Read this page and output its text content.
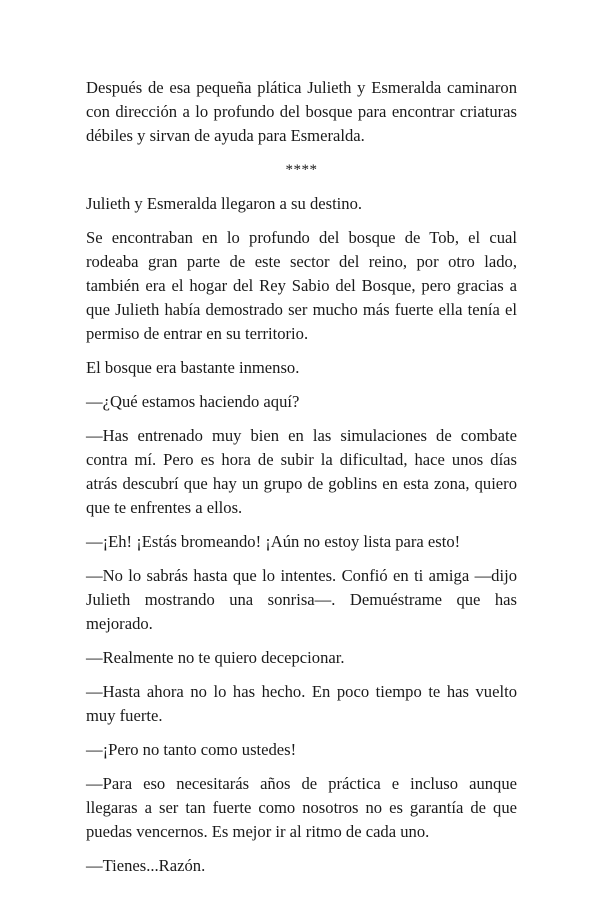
Después de esa pequeña plática Julieth y Esmeralda caminaron con dirección a lo profundo del bosque para encontrar criaturas débiles y sirvan de ayuda para Esmeralda.

****

Julieth y Esmeralda llegaron a su destino.

Se encontraban en lo profundo del bosque de Tob, el cual rodeaba gran parte de este sector del reino, por otro lado, también era el hogar del Rey Sabio del Bosque, pero gracias a que Julieth había demostrado ser mucho más fuerte ella tenía el permiso de entrar en su territorio.

El bosque era bastante inmenso.

—¿Qué estamos haciendo aquí?

—Has entrenado muy bien en las simulaciones de combate contra mí. Pero es hora de subir la dificultad, hace unos días atrás descubrí que hay un grupo de goblins en esta zona, quiero que te enfrentes a ellos.

—¡Eh! ¡Estás bromeando! ¡Aún no estoy lista para esto!

—No lo sabrás hasta que lo intentes. Confió en ti amiga —dijo Julieth mostrando una sonrisa—. Demuéstrame que has mejorado.

—Realmente no te quiero decepcionar.

—Hasta ahora no lo has hecho. En poco tiempo te has vuelto muy fuerte.

—¡Pero no tanto como ustedes!

—Para eso necesitarás años de práctica e incluso aunque llegaras a ser tan fuerte como nosotros no es garantía de que puedas vencernos. Es mejor ir al ritmo de cada uno.

—Tienes...Razón.
